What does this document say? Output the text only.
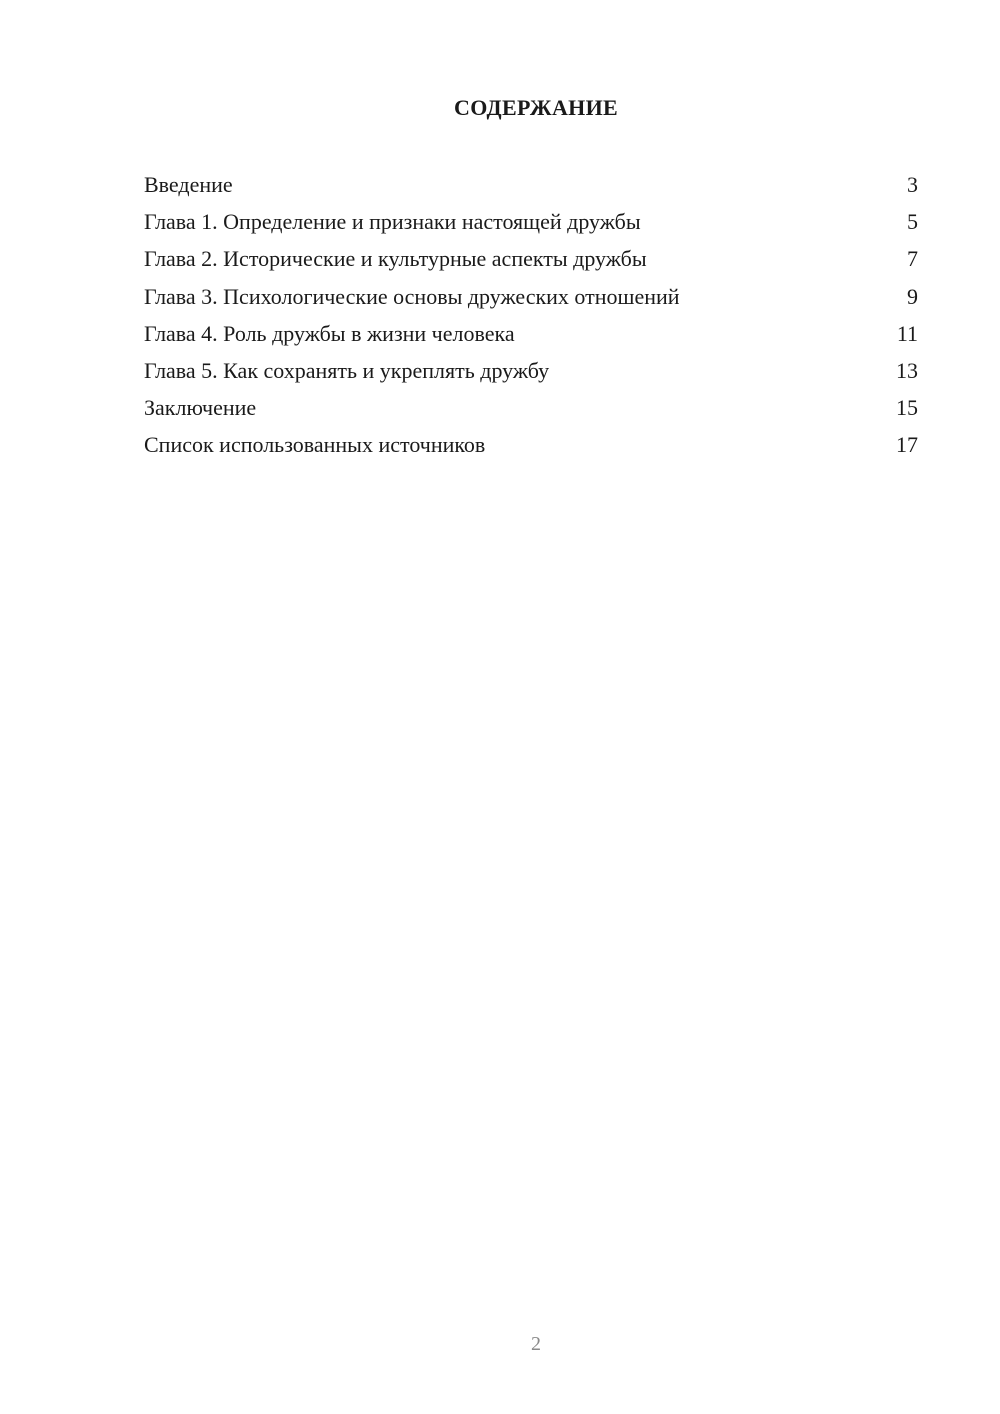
СОДЕРЖАНИЕ
Введение	3
Глава 1. Определение и признаки настоящей дружбы	5
Глава 2. Исторические и культурные аспекты дружбы	7
Глава 3. Психологические основы дружеских отношений	9
Глава 4. Роль дружбы в жизни человека	11
Глава 5. Как сохранять и укреплять дружбу	13
Заключение	15
Список использованных источников	17
2
